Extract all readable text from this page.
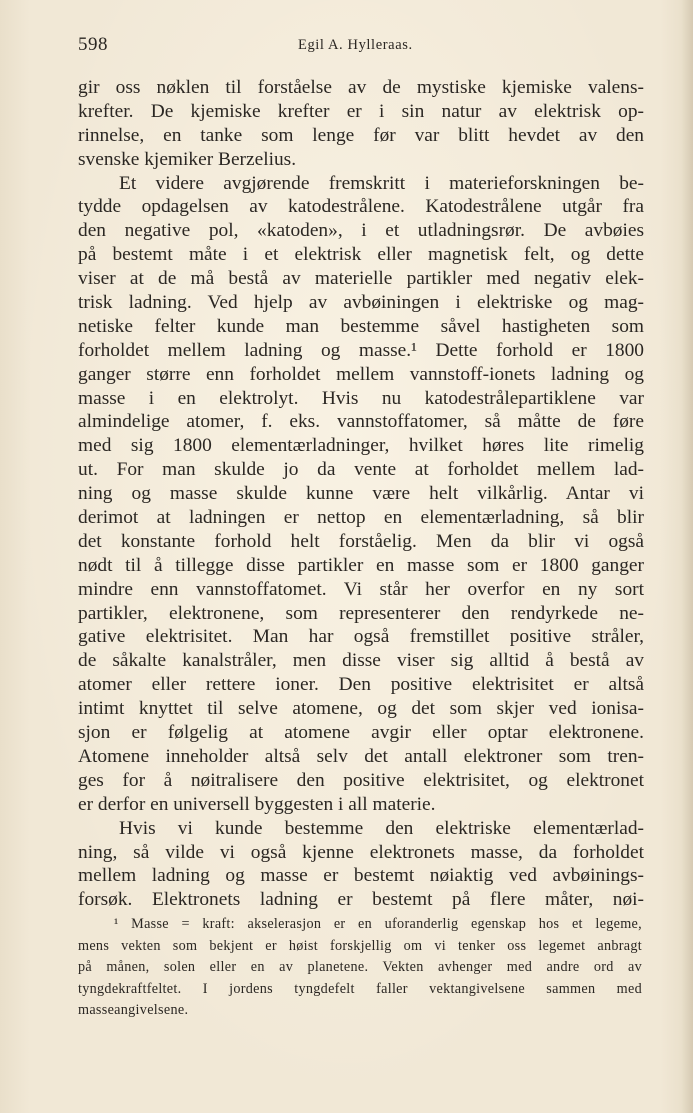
598	Egil A. Hylleraas.
gir oss nøklen til forståelse av de mystiske kjemiske valens-
krefter. De kjemiske krefter er i sin natur av elektrisk op-
rinnelse, en tanke som lenge før var blitt hevdet av den
svenske kjemiker Berzelius.
Et videre avgjørende fremskritt i materieforskningen be-
tydde opdagelsen av katodestrålene. Katodestrålene utgår fra
den negative pol, «katoden», i et utladningsrør. De avbøies
på bestemt måte i et elektrisk eller magnetisk felt, og dette
viser at de må bestå av materielle partikler med negativ elek-
trisk ladning. Ved hjelp av avbøiningen i elektriske og mag-
netiske felter kunde man bestemme såvel hastigheten som
forholdet mellem ladning og masse.¹ Dette forhold er 1800
ganger større enn forholdet mellem vannstoff-ionets ladning og
masse i en elektrolyt. Hvis nu katodestrålepartiklene var
almindelige atomer, f. eks. vannstoffatomer, så måtte de føre
med sig 1800 elementærladninger, hvilket høres lite rimelig
ut. For man skulde jo da vente at forholdet mellem lad-
ning og masse skulde kunne være helt vilkårlig. Antar vi
derimot at ladningen er nettop en elementærladning, så blir
det konstante forhold helt forståelig. Men da blir vi også
nødt til å tillegge disse partikler en masse som er 1800 ganger
mindre enn vannstoffatomet. Vi står her overfor en ny sort
partikler, elektronene, som representerer den rendyrkede ne-
gative elektrisitet. Man har også fremstillet positive stråler,
de såkalte kanalstråler, men disse viser sig alltid å bestå av
atomer eller rettere ioner. Den positive elektrisitet er altså
intimt knyttet til selve atomene, og det som skjer ved ionisa-
sjon er følgelig at atomene avgir eller optar elektronene.
Atomene inneholder altså selv det antall elektroner som tren-
ges for å nøitralisere den positive elektrisitet, og elektronet
er derfor en universell byggesten i all materie.
Hvis vi kunde bestemme den elektriske elementærlad-
ning, så vilde vi også kjenne elektronets masse, da forholdet
mellem ladning og masse er bestemt nøiaktig ved avbøinings-
forsøk. Elektronets ladning er bestemt på flere måter, nøi-
¹ Masse = kraft: akselerasjon er en uforanderlig egenskap hos et legeme,
mens vekten som bekjent er høist forskjellig om vi tenker oss legemet anbragt
på månen, solen eller en av planetene. Vekten avhenger med andre ord av
tyngdekraftfeltet. I jordens tyngdefelt faller vektangivelsene sammen med
masseangivelsene.
